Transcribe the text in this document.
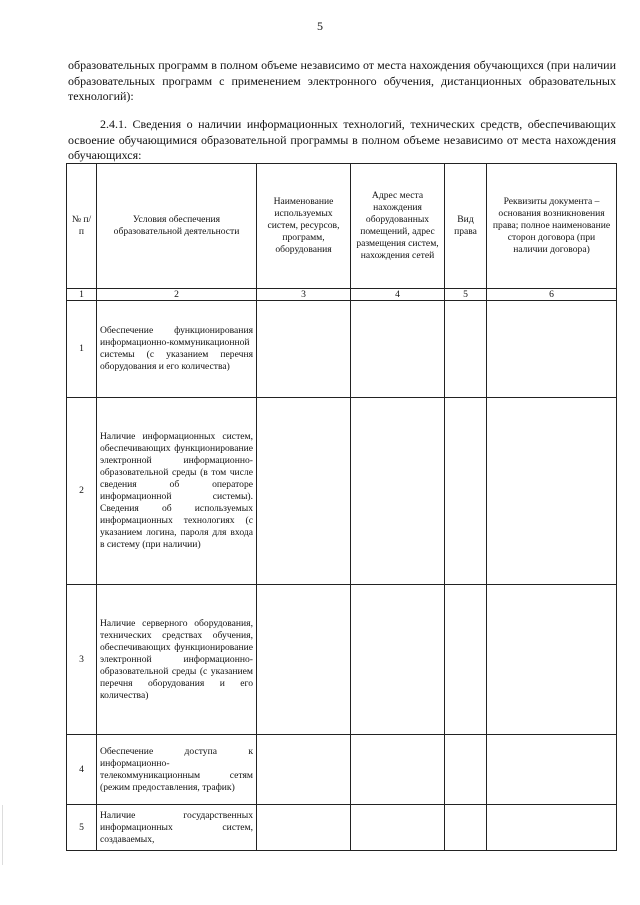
5
образовательных программ в полном объеме независимо от места нахождения обучающихся (при наличии образовательных программ с применением электронного обучения, дистанционных образовательных технологий):
2.4.1. Сведения о наличии информационных технологий, технических средств, обеспечивающих освоение обучающимися образовательной программы в полном объеме независимо от места нахождения обучающихся:
№ п/п	Условия обеспечения образовательной деятельности	Наименование используемых систем, ресурсов, программ, оборудования	Адрес места нахождения оборудованных помещений, адрес размещения систем, нахождения сетей	Вид права	Реквизиты документа – основания возникновения права; полное наименование сторон договора (при наличии договора)
1	2	3	4	5	6
1	Обеспечение функционирования информационно-коммуникационной системы (с указанием перечня оборудования и его количества)				
2	Наличие информационных систем, обеспечивающих функционирование электронной информационно-образовательной среды (в том числе сведения об операторе информационной системы). Сведения об используемых информационных технологиях (с указанием логина, пароля для входа в систему (при наличии)				
3	Наличие серверного оборудования, технических средствах обучения, обеспечивающих функционирование электронной информационно-образовательной среды (с указанием перечня оборудования и его количества)				
4	Обеспечение доступа к информационно-телекоммуникационным сетям (режим предоставления, трафик)				
5	Наличие государственных информационных систем, создаваемых,				
